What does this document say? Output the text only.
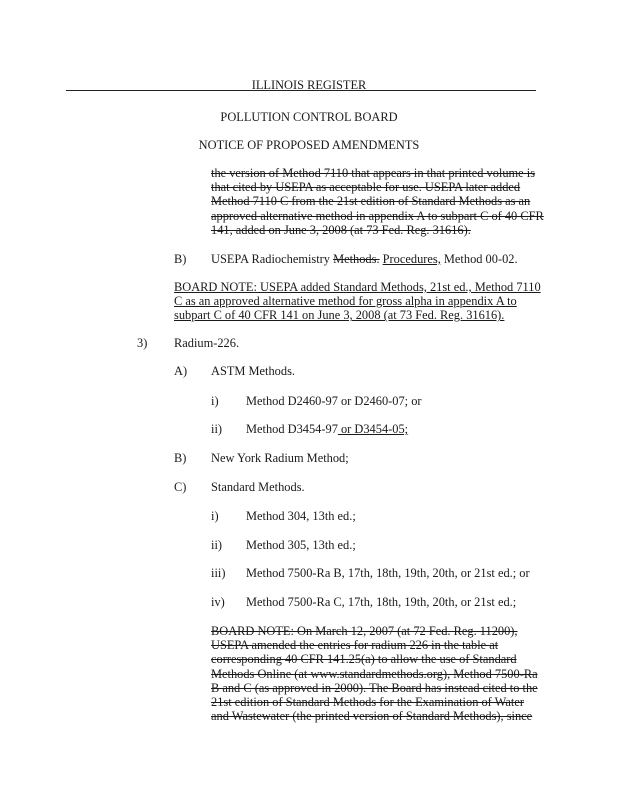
ILLINOIS REGISTER
POLLUTION CONTROL BOARD
NOTICE OF PROPOSED AMENDMENTS
the version of Method 7110 that appears in that printed volume is
that cited by USEPA as acceptable for use. USEPA later added
Method 7110 C from the 21st edition of Standard Methods as an
approved alternative method in appendix A to subpart C of 40 CFR
141, added on June 3, 2008 (at 73 Fed. Reg. 31616).
B) USEPA Radiochemistry Methods. Procedures, Method 00-02.
BOARD NOTE: USEPA added Standard Methods, 21st ed., Method 7110
C as an approved alternative method for gross alpha in appendix A to
subpart C of 40 CFR 141 on June 3, 2008 (at 73 Fed. Reg. 31616).
3) Radium-226.
A) ASTM Methods.
i) Method D2460-97 or D2460-07; or
ii) Method D3454-97 or D3454-05;
B) New York Radium Method;
C) Standard Methods.
i) Method 304, 13th ed.;
ii) Method 305, 13th ed.;
iii) Method 7500-Ra B, 17th, 18th, 19th, 20th, or 21st ed.; or
iv) Method 7500-Ra C, 17th, 18th, 19th, 20th, or 21st ed.;
BOARD NOTE: On March 12, 2007 (at 72 Fed. Reg. 11200),
USEPA amended the entries for radium 226 in the table at
corresponding 40 CFR 141.25(a) to allow the use of Standard
Methods Online (at www.standardmethods.org), Method 7500-Ra
B and C (as approved in 2000). The Board has instead cited to the
21st edition of Standard Methods for the Examination of Water
and Wastewater (the printed version of Standard Methods), since
